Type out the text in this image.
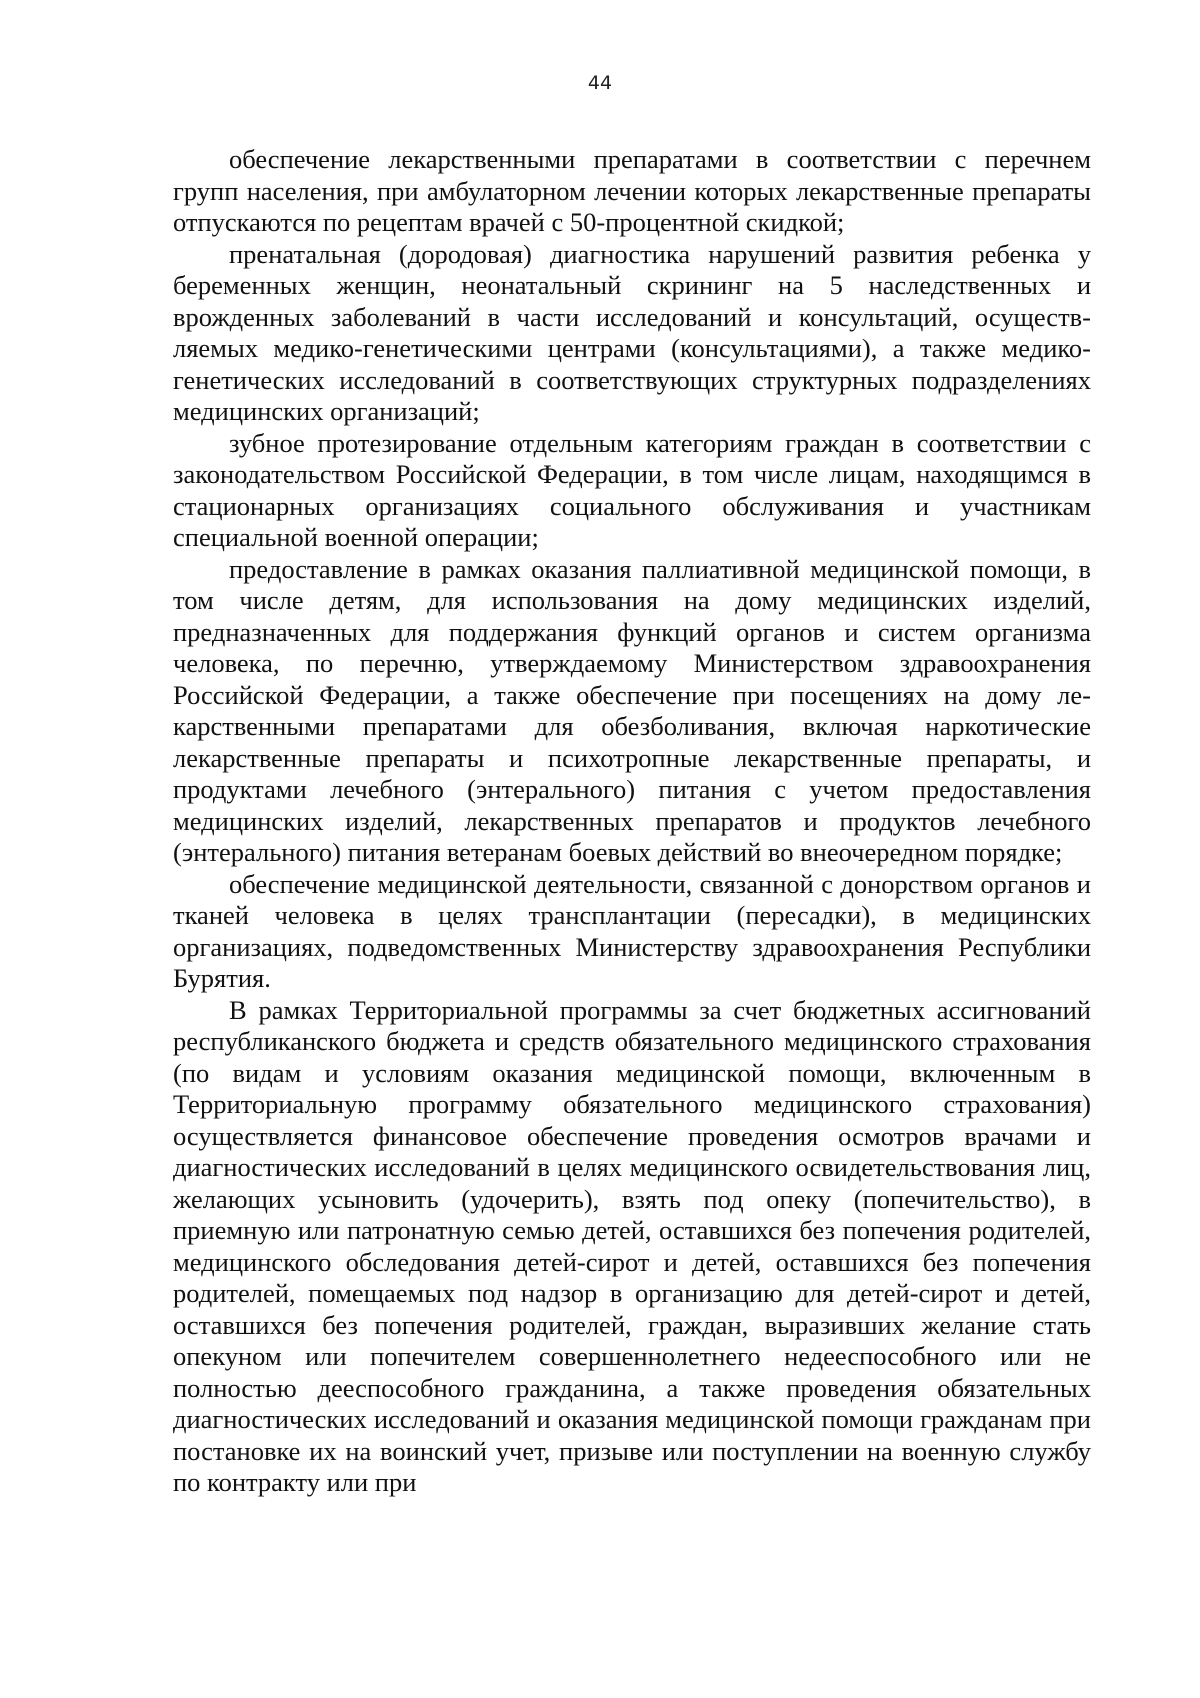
44

обеспечение лекарственными препаратами в соответствии с перечнем групп населения, при амбулаторном лечении которых лекарственные препараты отпускаются по рецептам врачей с 50-процентной скидкой;

пренатальная (дородовая) диагностика нарушений развития ребенка у беременных женщин, неонатальный скрининг на 5 наследственных и врожденных заболеваний в части исследований и консультаций, осуществляемых медико-генетическими центрами (консультациями), а также медико-генетических исследований в соответствующих структурных подразделениях медицинских организаций;

зубное протезирование отдельным категориям граждан в соответствии с законодательством Российской Федерации, в том числе лицам, находящимся в стационарных организациях социального обслуживания и участникам специальной военной операции;

предоставление в рамках оказания паллиативной медицинской помощи, в том числе детям, для использования на дому медицинских изделий, предназначенных для поддержания функций органов и систем организма человека, по перечню, утверждаемому Министерством здравоохранения Российской Федерации, а также обеспечение при посещениях на дому лекарственными препаратами для обезболивания, включая наркотические лекарственные препараты и психотропные лекарственные препараты, и продуктами лечебного (энтерального) питания с учетом предоставления медицинских изделий, лекарственных препаратов и продуктов лечебного (энтерального) питания ветеранам боевых действий во внеочередном порядке;

обеспечение медицинской деятельности, связанной с донорством органов и тканей человека в целях трансплантации (пересадки), в медицинских организациях, подведомственных Министерству здравоохранения Республики Бурятия.

В рамках Территориальной программы за счет бюджетных ассигнований республиканского бюджета и средств обязательного медицинского страхования (по видам и условиям оказания медицинской помощи, включенным в Территориальную программу обязательного медицинского страхования) осуществляется финансовое обеспечение проведения осмотров врачами и диагностических исследований в целях медицинского освидетельствования лиц, желающих усыновить (удочерить), взять под опеку (попечительство), в приемную или патронатную семью детей, оставшихся без попечения родителей, медицинского обследования детей-сирот и детей, оставшихся без попечения родителей, помещаемых под надзор в организацию для детей-сирот и детей, оставшихся без попечения родителей, граждан, выразивших желание стать опекуном или попечителем совершеннолетнего недееспособного или не полностью дееспособного гражданина, а также проведения обязательных диагностических исследований и оказания медицинской помощи гражданам при постановке их на воинский учет, призыве или поступлении на военную службу по контракту или при
